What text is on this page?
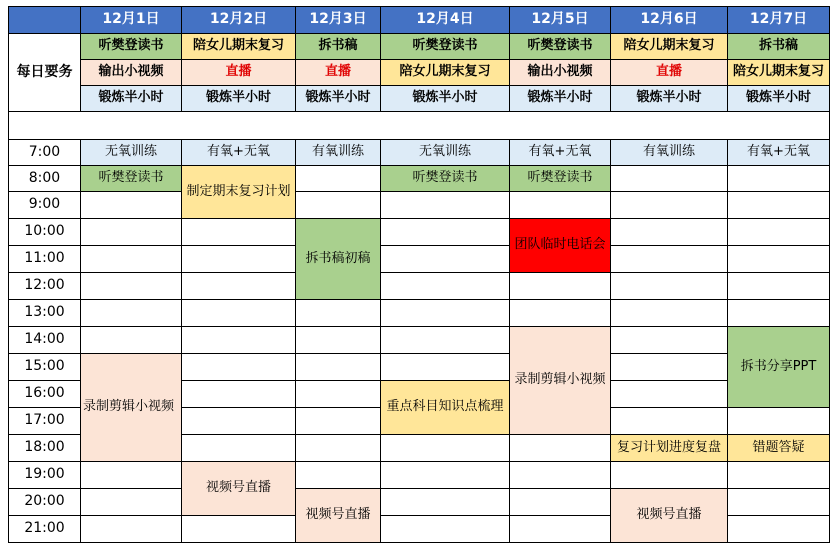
	12月1日	12月2日	12月3日	12月4日	12月5日	12月6日	12月7日
每日要务	听樊登读书	陪女儿期末复习	拆书稿	听樊登读书	听樊登读书	陪女儿期末复习	拆书稿
	输出小视频	直播	直播	陪女儿期末复习	输出小视频	直播	陪女儿期末复习
	锻炼半小时	锻炼半小时	锻炼半小时	锻炼半小时	锻炼半小时	锻炼半小时	锻炼半小时

7:00	无氧训练	有氧+无氧	有氧训练	无氧训练	有氧+无氧	有氧训练	有氧+无氧
8:00	听樊登读书	制定期末复习计划		听樊登读书	听樊登读书		
9:00							
10:00			拆书稿初稿		团队临时电话会		
11:00							
12:00							
13:00							
14:00					录制剪辑小视频		拆书分享PPT
15:00	录制剪辑小视频						
16:00				重点科目知识点梳理			
17:00							
18:00						复习计划进度复盘	错题答疑
19:00		视频号直播					
20:00			视频号直播			视频号直播	
21:00							
